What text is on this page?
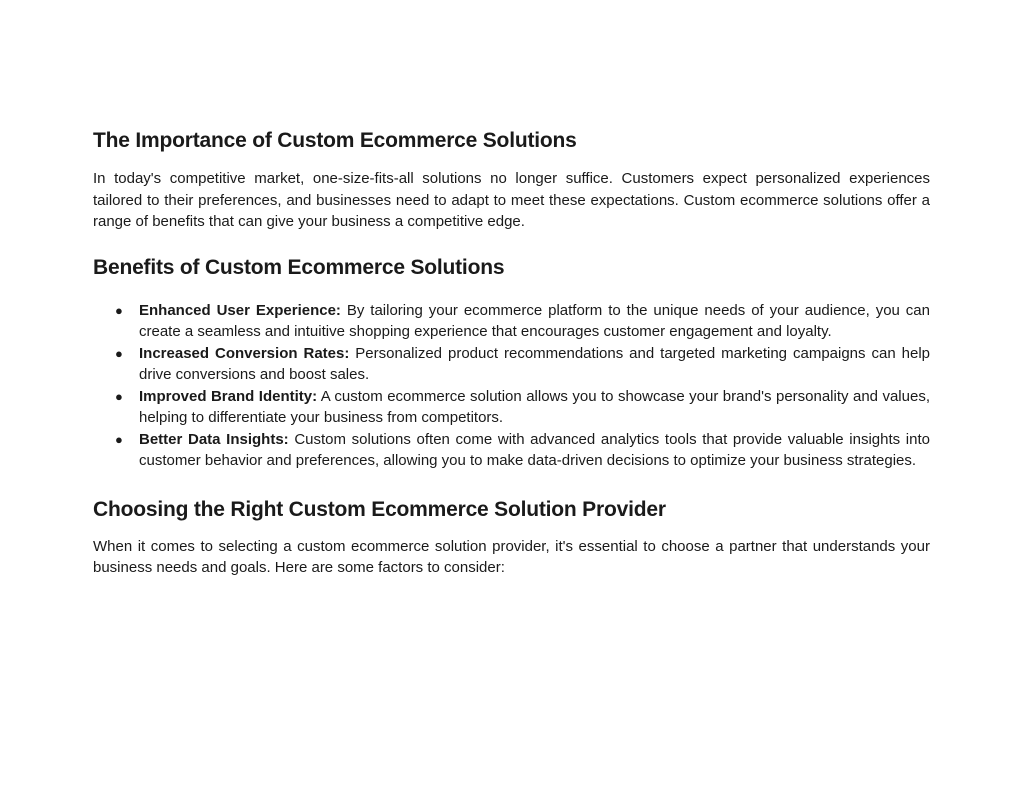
The Importance of Custom Ecommerce Solutions

In today's competitive market, one-size-fits-all solutions no longer suffice. Customers expect personalized experiences tailored to their preferences, and businesses need to adapt to meet these expectations. Custom ecommerce solutions offer a range of benefits that can give your business a competitive edge.

Benefits of Custom Ecommerce Solutions
● Enhanced User Experience: By tailoring your ecommerce platform to the unique needs of your audience, you can create a seamless and intuitive shopping experience that encourages customer engagement and loyalty.
● Increased Conversion Rates: Personalized product recommendations and targeted marketing campaigns can help drive conversions and boost sales.
● Improved Brand Identity: A custom ecommerce solution allows you to showcase your brand's personality and values, helping to differentiate your business from competitors.
● Better Data Insights: Custom solutions often come with advanced analytics tools that provide valuable insights into customer behavior and preferences, allowing you to make data-driven decisions to optimize your business strategies.
Choosing the Right Custom Ecommerce Solution Provider

When it comes to selecting a custom ecommerce solution provider, it's essential to choose a partner that understands your business needs and goals. Here are some factors to consider:
